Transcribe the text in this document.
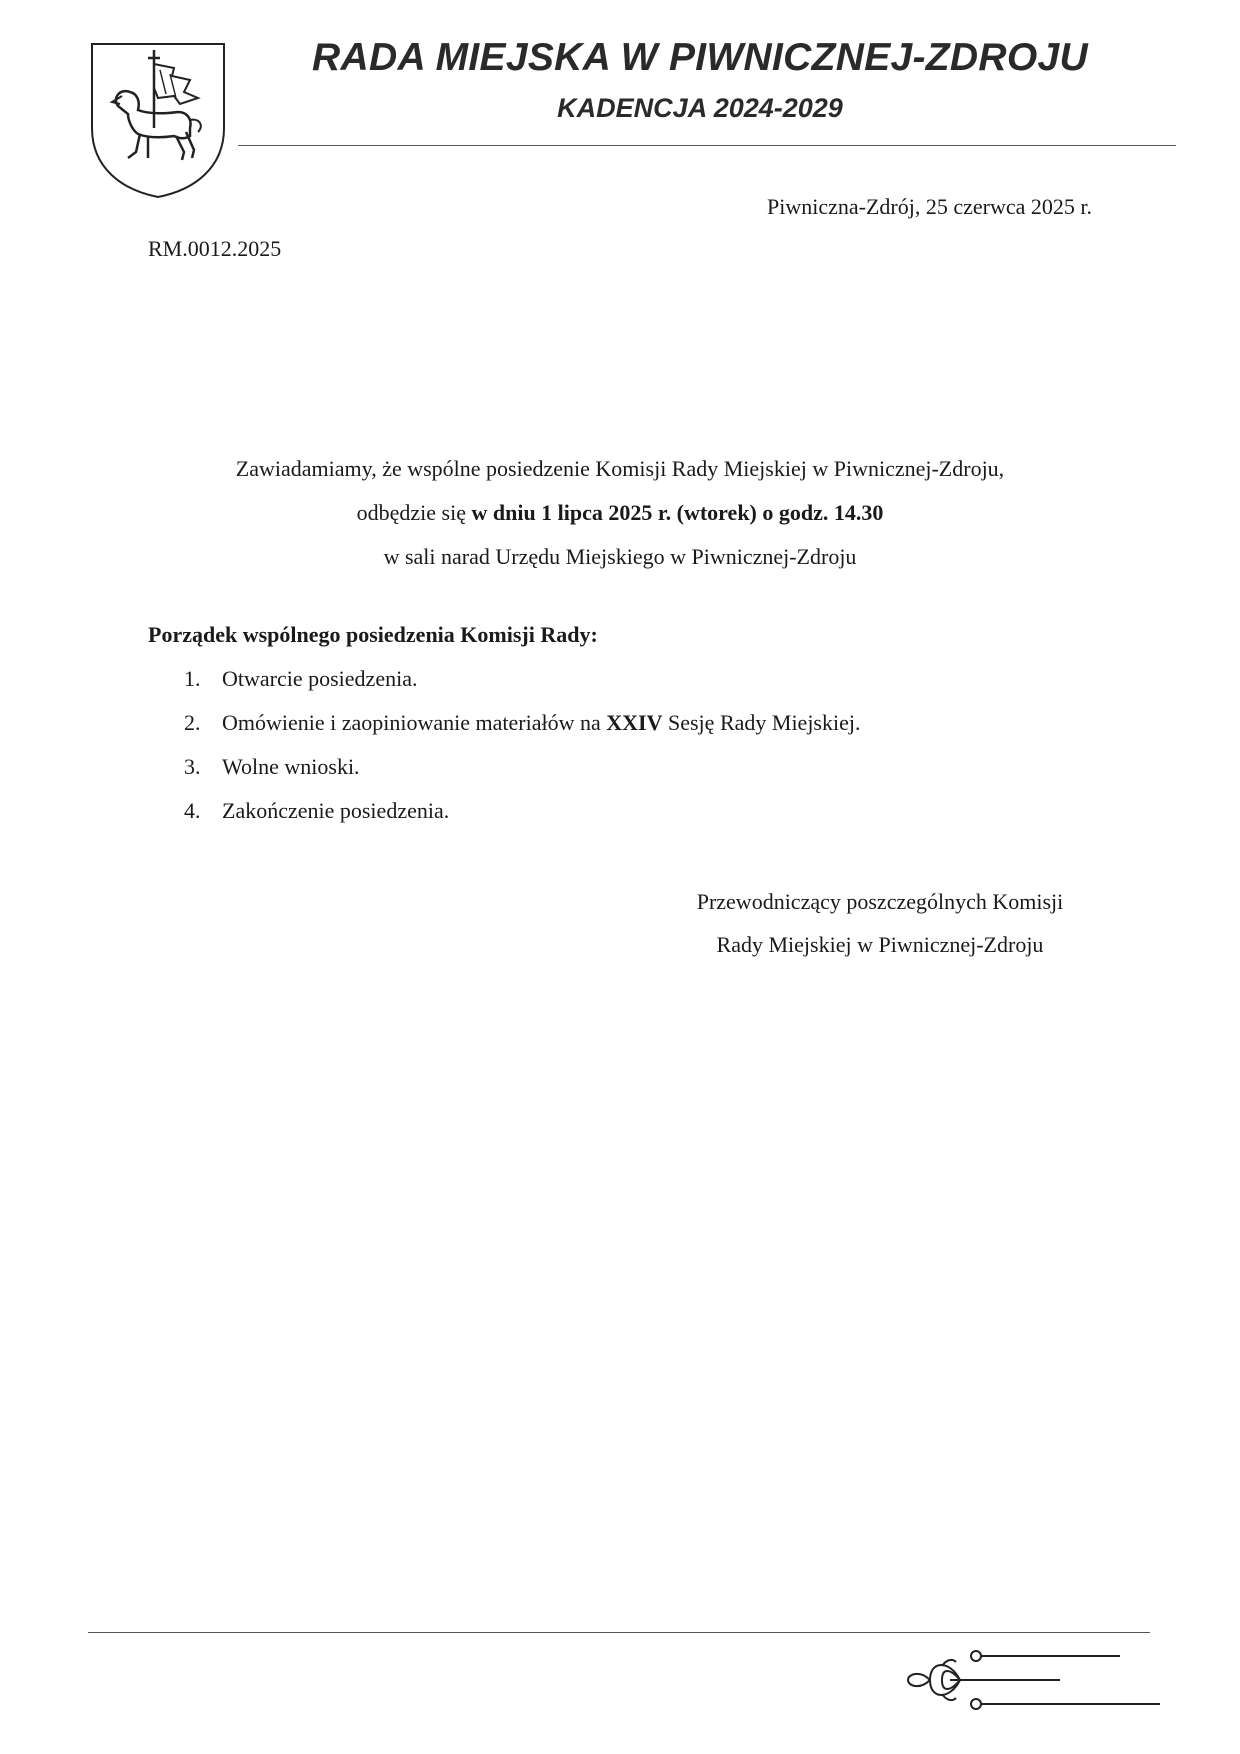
RADA MIEJSKA W PIWNICZNEJ-ZDROJU
KADENCJA 2024-2029
Piwniczna-Zdrój, 25 czerwca 2025 r.
RM.0012.2025

Zawiadamiamy, że wspólne posiedzenie Komisji Rady Miejskiej w Piwnicznej-Zdroju,

odbędzie się w dniu 1 lipca 2025 r. (wtorek) o godz. 14.30

w sali narad Urzędu Miejskiego w Piwnicznej-Zdroju

Porządek wspólnego posiedzenia Komisji Rady:
1. Otwarcie posiedzenia.
2. Omówienie i zaopiniowanie materiałów na XXIV Sesję Rady Miejskiej.
3. Wolne wnioski.
4. Zakończenie posiedzenia.

Przewodniczący poszczególnych Komisji

Rady Miejskiej w Piwnicznej-Zdroju
